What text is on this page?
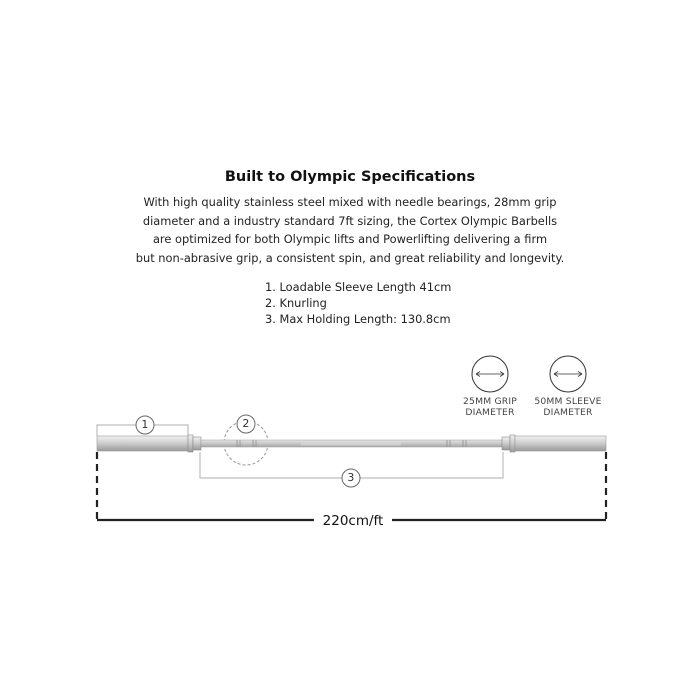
Built to Olympic Specifications
With high quality stainless steel mixed with needle bearings, 28mm grip
diameter and a industry standard 7ft sizing, the Cortex Olympic Barbells
are optimized for both Olympic lifts and Powerlifting delivering a firm
but non-abrasive grip, a consistent spin, and great reliability and longevity.
1. Loadable Sleeve Length 41cm
2. Knurling
3. Max Holding Length: 130.8cm
1	2
3
25MM GRIP
DIAMETER
50MM SLEEVE
DIAMETER
220cm/ft
